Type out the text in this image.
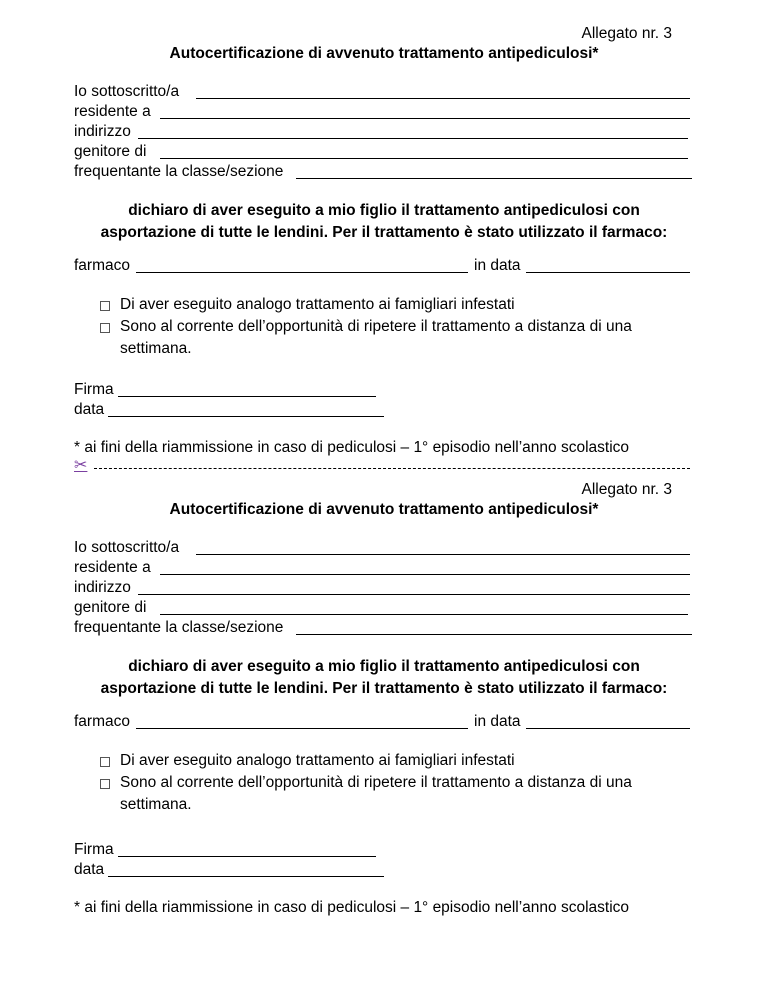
Allegato nr. 3
Autocertificazione di avvenuto trattamento antipediculosi*
Io sottoscritto/a
residente a
indirizzo
genitore di
frequentante la classe/sezione
dichiaro di aver eseguito a mio figlio il trattamento antipediculosi con
asportazione di tutte le lendini. Per il trattamento è stato utilizzato il farmaco:
farmaco	in data
Di aver eseguito analogo trattamento ai famigliari infestati
Sono al corrente dell’opportunità di ripetere il trattamento a distanza di una settimana.
Firma
data
* ai fini della riammissione in caso di pediculosi – 1° episodio nell’anno scolastico
✂
Allegato nr. 3
Autocertificazione di avvenuto trattamento antipediculosi*
Io sottoscritto/a
residente a
indirizzo
genitore di
frequentante la classe/sezione
dichiaro di aver eseguito a mio figlio il trattamento antipediculosi con
asportazione di tutte le lendini. Per il trattamento è stato utilizzato il farmaco:
farmaco	in data
Di aver eseguito analogo trattamento ai famigliari infestati
Sono al corrente dell’opportunità di ripetere il trattamento a distanza di una settimana.
Firma
data
* ai fini della riammissione in caso di pediculosi – 1° episodio nell’anno scolastico
